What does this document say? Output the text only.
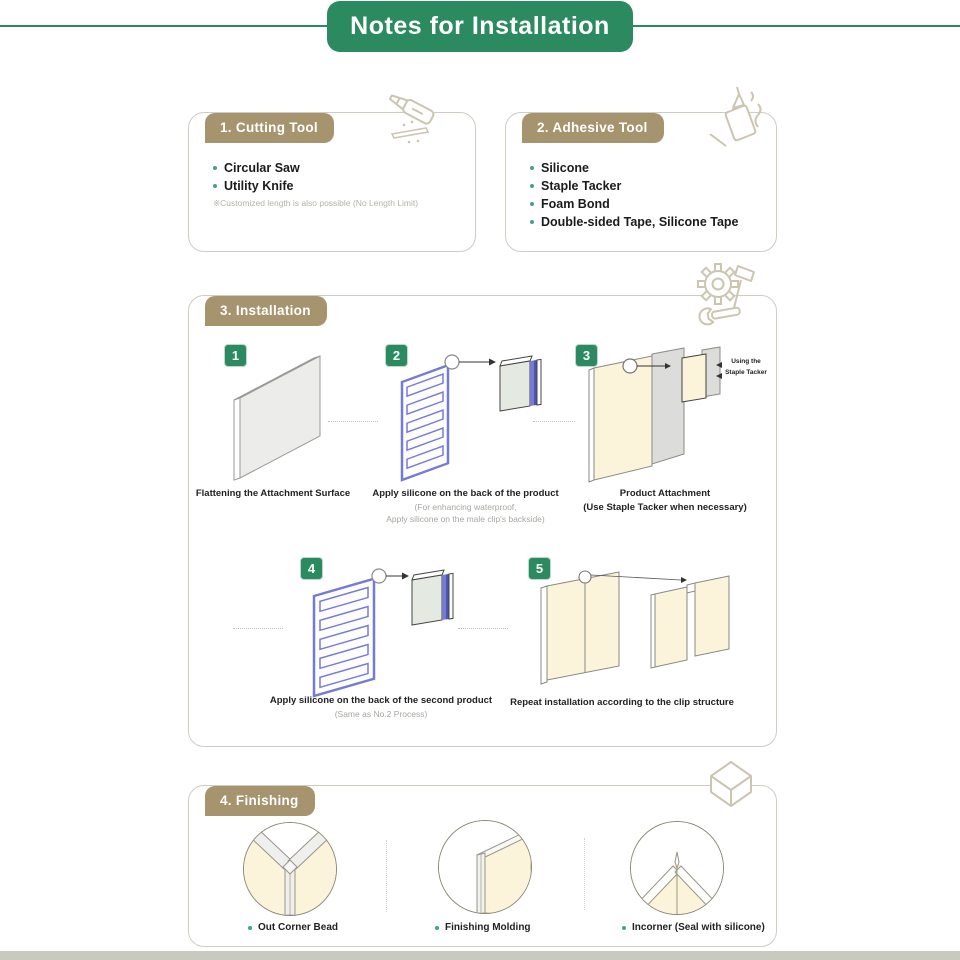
Notes for Installation
1. Cutting Tool
Circular Saw
Utility Knife
※Customized length is also possible (No Length Limit)
2. Adhesive Tool
Silicone
Staple Tacker
Foam Bond
Double-sided Tape, Silicone Tape
3. Installation
1
Flattening the Attachment Surface
2
Apply silicone on the back of the product
(For enhancing waterproof,
Apply silicone on the male clip's backside)
3	Using the
Staple Tacker
Product Attachment
(Use Staple Tacker when necessary)
4
Apply silicone on the back of the second product
(Same as No.2 Process)
5
Repeat installation according to the clip structure
4. Finishing
Out Corner Bead	Finishing Molding	Incorner (Seal with silicone)
